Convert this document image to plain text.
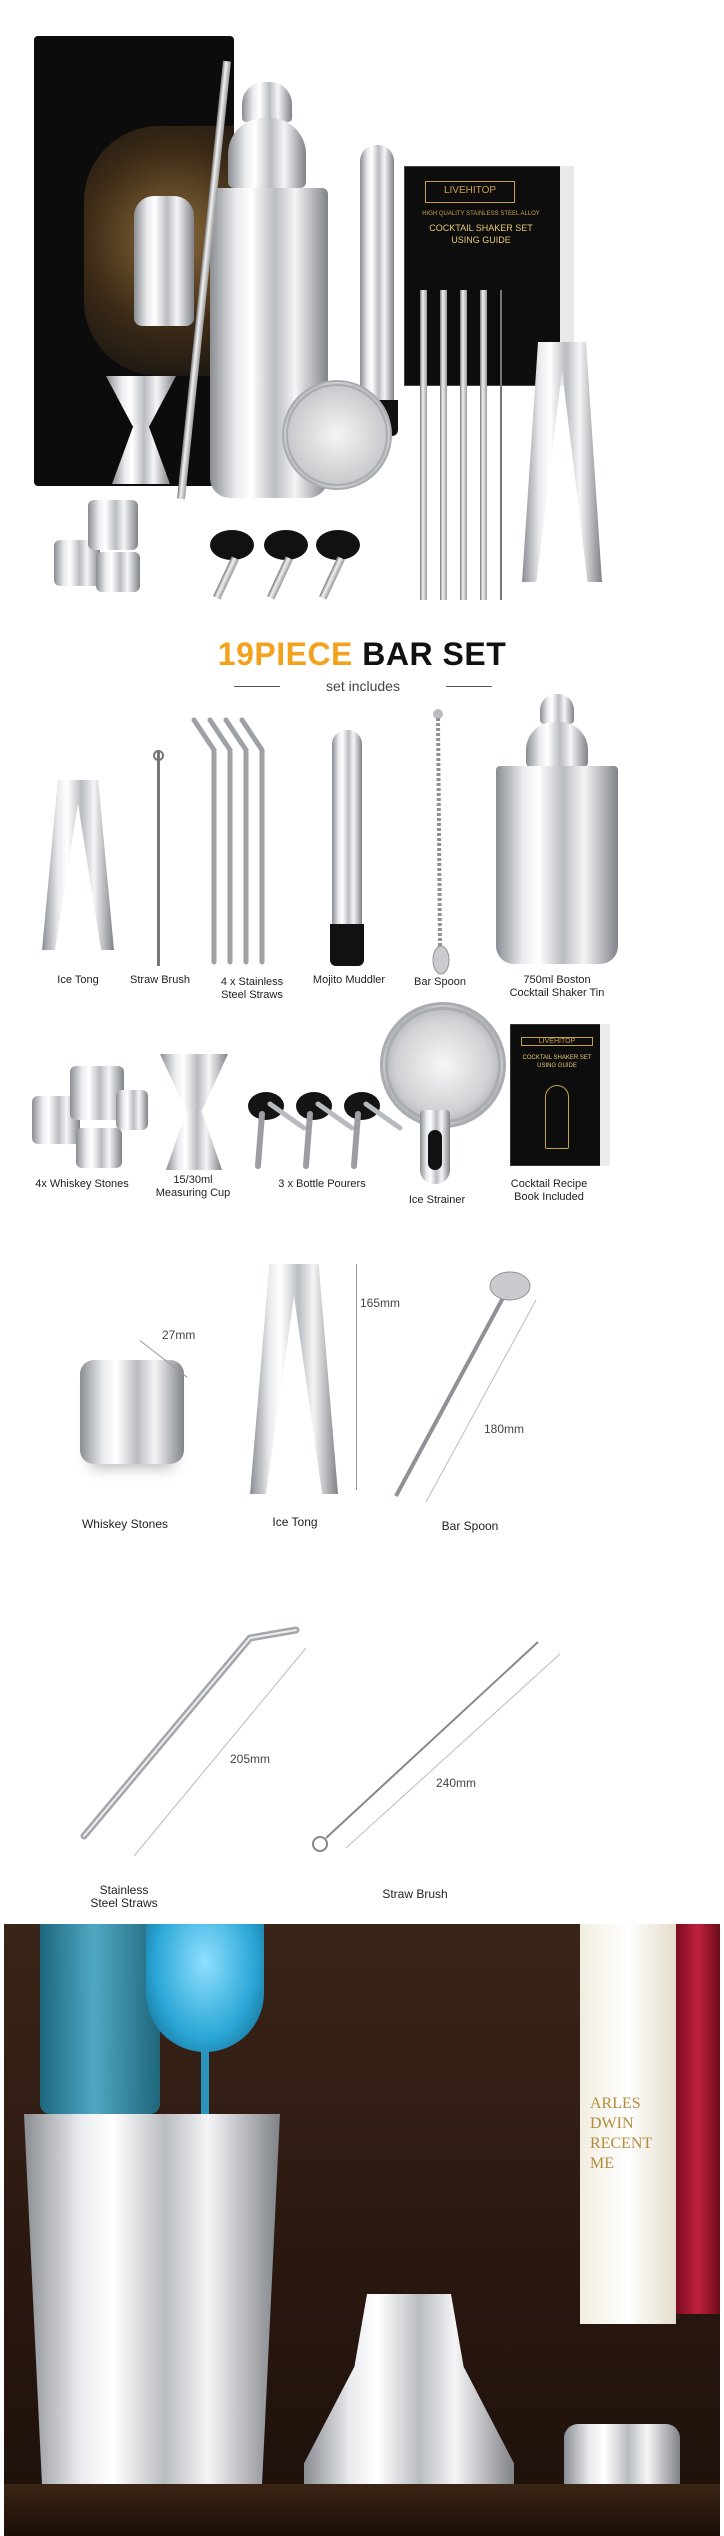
LIVEHITOP
HIGH QUALITY STAINLESS STEEL ALLOY
COCKTAIL SHAKER SET
USING GUIDE
19PIECE BAR SET
set includes
Ice Tong	Straw Brush	4 x Stainless
Steel Straws
Mojito Muddler	Bar Spoon	750ml Boston
Cocktail Shaker Tin
4x Whiskey Stones	15/30ml
Measuring Cup
3 x Bottle Pourers
Ice Strainer
LIVEHITOP
COCKTAIL SHAKER SET
USING GUIDE
Cocktail Recipe
Book Included
27mm
Whiskey Stones
165mm
Ice Tong
180mm
Bar Spoon
205mm
Stainless
Steel Straws
240mm
Straw Brush
ARLES
DWIN
RECENT
ME
